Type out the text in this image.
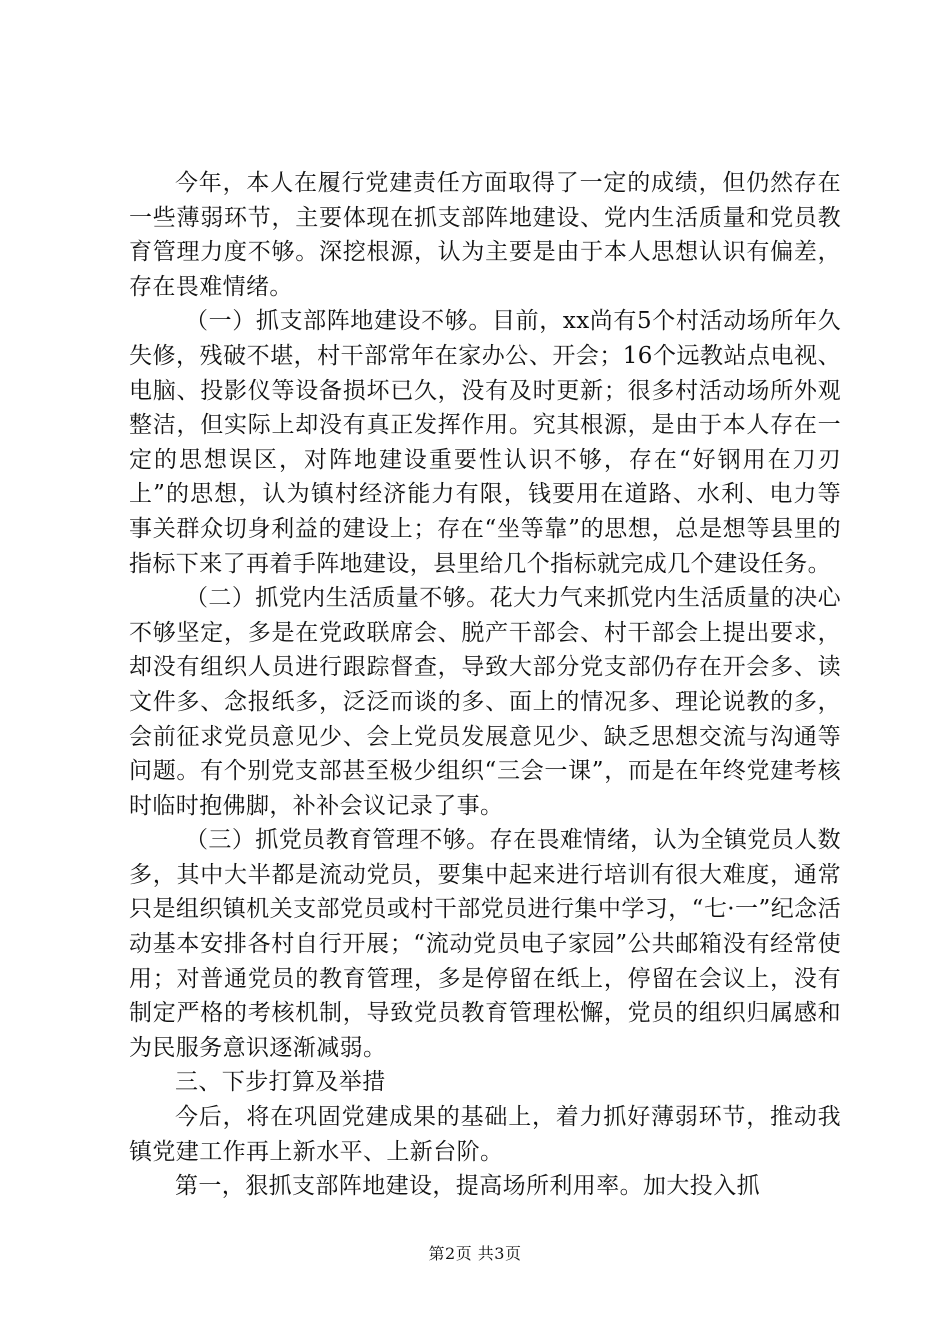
今年，本人在履行党建责任方面取得了一定的成绩，但仍然存在一些薄弱环节，主要体现在抓支部阵地建设、党内生活质量和党员教育管理力度不够。深挖根源，认为主要是由于本人思想认识有偏差，存在畏难情绪。

（一）抓支部阵地建设不够。目前，xx尚有5个村活动场所年久失修，残破不堪，村干部常年在家办公、开会；16个远教站点电视、电脑、投影仪等设备损坏已久，没有及时更新；很多村活动场所外观整洁，但实际上却没有真正发挥作用。究其根源，是由于本人存在一定的思想误区，对阵地建设重要性认识不够，存在“好钢用在刀刃上”的思想，认为镇村经济能力有限，钱要用在道路、水利、电力等事关群众切身利益的建设上；存在“坐等靠”的思想，总是想等县里的指标下来了再着手阵地建设，县里给几个指标就完成几个建设任务。

（二）抓党内生活质量不够。花大力气来抓党内生活质量的决心不够坚定，多是在党政联席会、脱产干部会、村干部会上提出要求，却没有组织人员进行跟踪督查，导致大部分党支部仍存在开会多、读文件多、念报纸多，泛泛而谈的多、面上的情况多、理论说教的多，会前征求党员意见少、会上党员发展意见少、缺乏思想交流与沟通等问题。有个别党支部甚至极少组织“三会一课”，而是在年终党建考核时临时抱佛脚，补补会议记录了事。

（三）抓党员教育管理不够。存在畏难情绪，认为全镇党员人数多，其中大半都是流动党员，要集中起来进行培训有很大难度，通常只是组织镇机关支部党员或村干部党员进行集中学习，“七·一”纪念活动基本安排各村自行开展；“流动党员电子家园”公共邮箱没有经常使用；对普通党员的教育管理，多是停留在纸上，停留在会议上，没有制定严格的考核机制，导致党员教育管理松懈，党员的组织归属感和为民服务意识逐渐减弱。

三、下步打算及举措

今后，将在巩固党建成果的基础上，着力抓好薄弱环节，推动我镇党建工作再上新水平、上新台阶。

第一，狠抓支部阵地建设，提高场所利用率。加大投入抓

第2页 共3页
